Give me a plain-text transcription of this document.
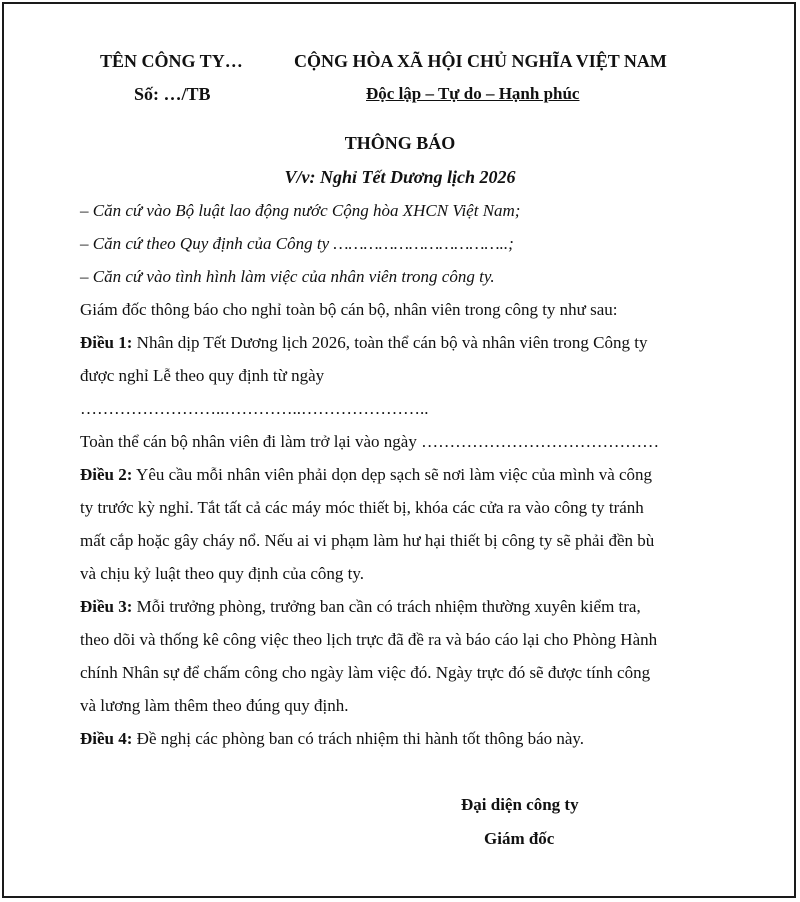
TÊN CÔNG TY…
Số: …/TB
CỘNG HÒA XÃ HỘI CHỦ NGHĨA VIỆT NAM
Độc lập – Tự do – Hạnh phúc
THÔNG BÁO
V/v: Nghỉ Tết Dương lịch 2026
– Căn cứ vào Bộ luật lao động nước Cộng hòa XHCN Việt Nam;
– Căn cứ theo Quy định của Công ty ……………………………..;
– Căn cứ vào tình hình làm việc của nhân viên trong công ty.
Giám đốc thông báo cho nghỉ toàn bộ cán bộ, nhân viên trong công ty như sau:
Điều 1: Nhân dịp Tết Dương lịch 2026, toàn thể cán bộ và nhân viên trong Công ty
được nghỉ Lễ theo quy định từ ngày
……………………..…………..…………………..
Toàn thể cán bộ nhân viên đi làm trở lại vào ngày ……………………………………
Điều 2: Yêu cầu mỗi nhân viên phải dọn dẹp sạch sẽ nơi làm việc của mình và công
ty trước kỳ nghỉ. Tắt tất cả các máy móc thiết bị, khóa các cửa ra vào công ty tránh
mất cắp hoặc gây cháy nổ. Nếu ai vi phạm làm hư hại thiết bị công ty sẽ phải đền bù
và chịu kỷ luật theo quy định của công ty.
Điều 3: Mỗi trưởng phòng, trưởng ban cần có trách nhiệm thường xuyên kiểm tra,
theo dõi và thống kê công việc theo lịch trực đã đề ra và báo cáo lại cho Phòng Hành
chính Nhân sự để chấm công cho ngày làm việc đó. Ngày trực đó sẽ được tính công
và lương làm thêm theo đúng quy định.
Điều 4: Đề nghị các phòng ban có trách nhiệm thi hành tốt thông báo này.
Đại diện công ty
Giám đốc
